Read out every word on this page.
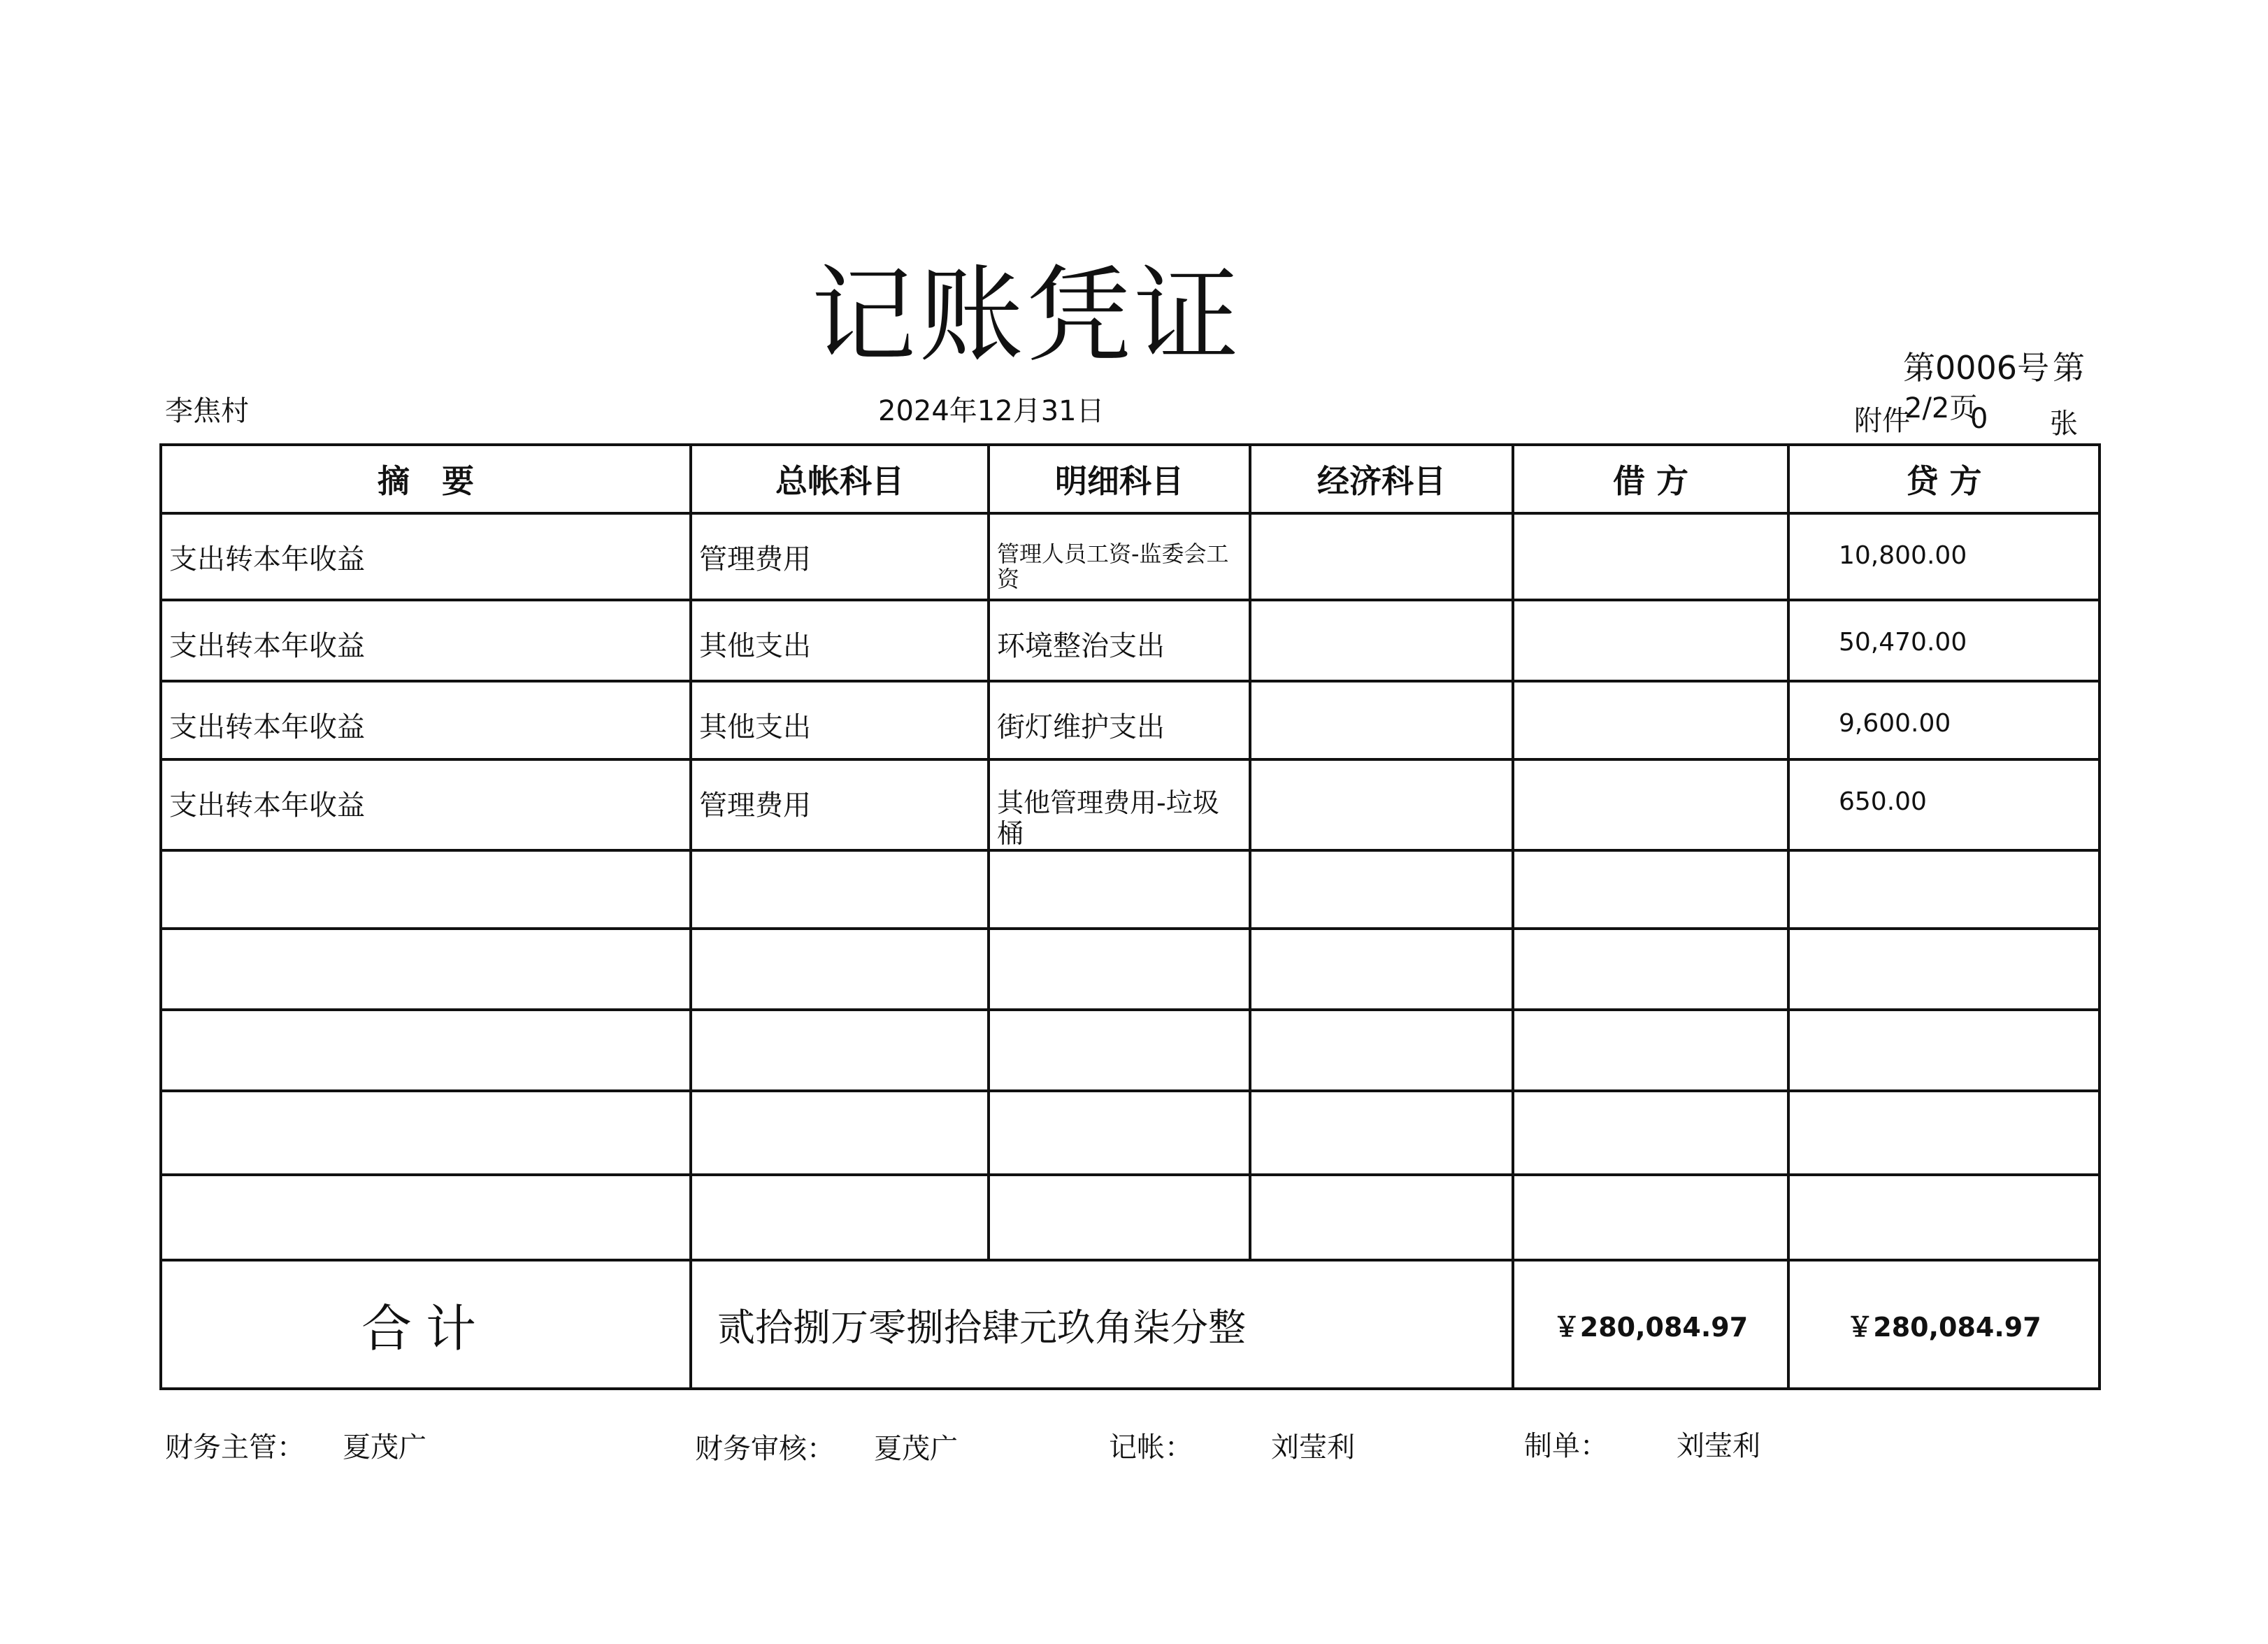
记账凭证	第0006号 第
李焦村	2024年12月31日	附件
2/2页
0 张
摘　要	总帐科目	明细科目	经济科目	借 方	贷 方

支出转本年收益	管理费用	管理人员工资-监委会工资			10,800.00

支出转本年收益	其他支出	环境整治支出			50,470.00

支出转本年收益	其他支出	街灯维护支出			9,600.00

支出转本年收益	管理费用	其他管理费用-垃圾桶			650.00

合计	贰拾捌万零捌拾肆元玖角柒分整			￥280,084.97	￥280,084.97
财务主管： 夏茂广	财务审核： 夏茂广	记帐：	刘莹利	制单： 刘莹利
